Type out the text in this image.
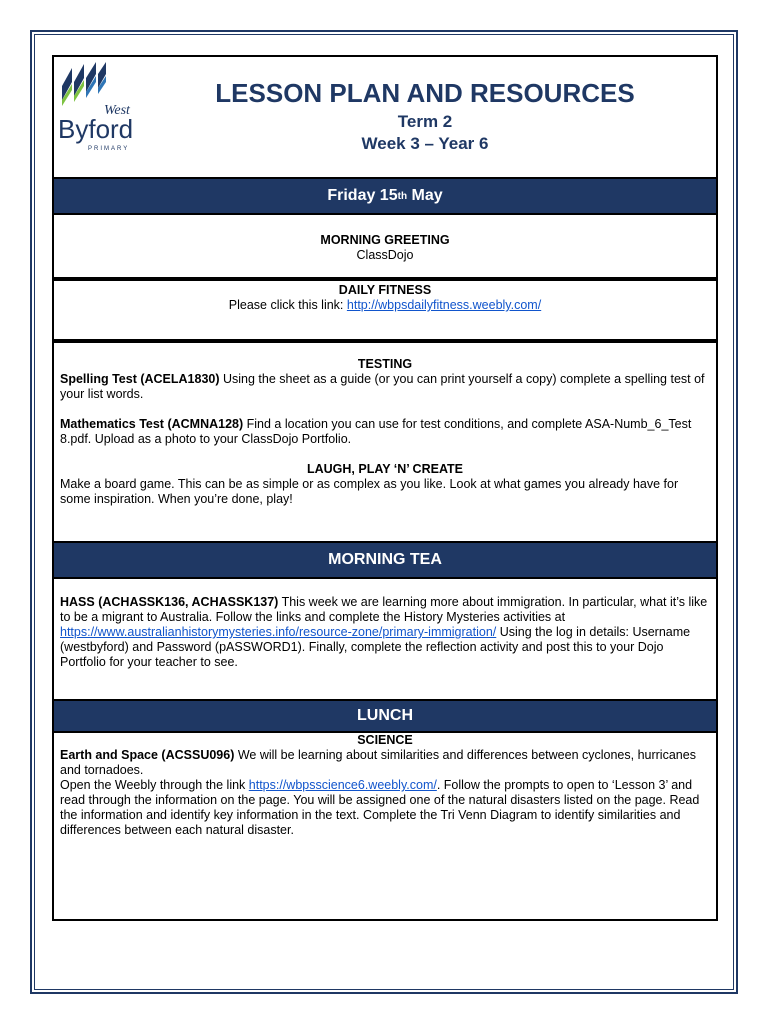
West
Byford
PRIMARY
LESSON PLAN AND RESOURCES
Term 2
Week 3 – Year 6
Friday 15 th May
MORNING GREETING
ClassDojo
DAILY FITNESS
Please click this link: http://wbpsdailyfitness.weebly.com/
TESTING
Spelling Test (ACELA1830) Using the sheet as a guide (or you can print yourself a copy) complete a spelling test of your list words.
Mathematics Test (ACMNA128) Find a location you can use for test conditions, and complete ASA-Numb_6_Test 8.pdf. Upload as a photo to your ClassDojo Portfolio.
LAUGH, PLAY ‘N’ CREATE
Make a board game. This can be as simple or as complex as you like. Look at what games you already have for some inspiration. When you’re done, play!
MORNING TEA
HASS (ACHASSK136, ACHASSK137) This week we are learning more about immigration. In particular, what it’s like to be a migrant to Australia. Follow the links and complete the History Mysteries activities at https://www.australianhistorymysteries.info/resource-zone/primary-immigration/ Using the log in details: Username (westbyford) and Password (pASSWORD1). Finally, complete the reflection activity and post this to your Dojo Portfolio for your teacher to see.
LUNCH
SCIENCE
Earth and Space (ACSSU096) We will be learning about similarities and differences between cyclones, hurricanes and tornadoes.
Open the Weebly through the link https://wbpsscience6.weebly.com/. Follow the prompts to open to ‘Lesson 3’ and read through the information on the page. You will be assigned one of the natural disasters listed on the page. Read the information and identify key information in the text. Complete the Tri Venn Diagram to identify similarities and differences between each natural disaster.
